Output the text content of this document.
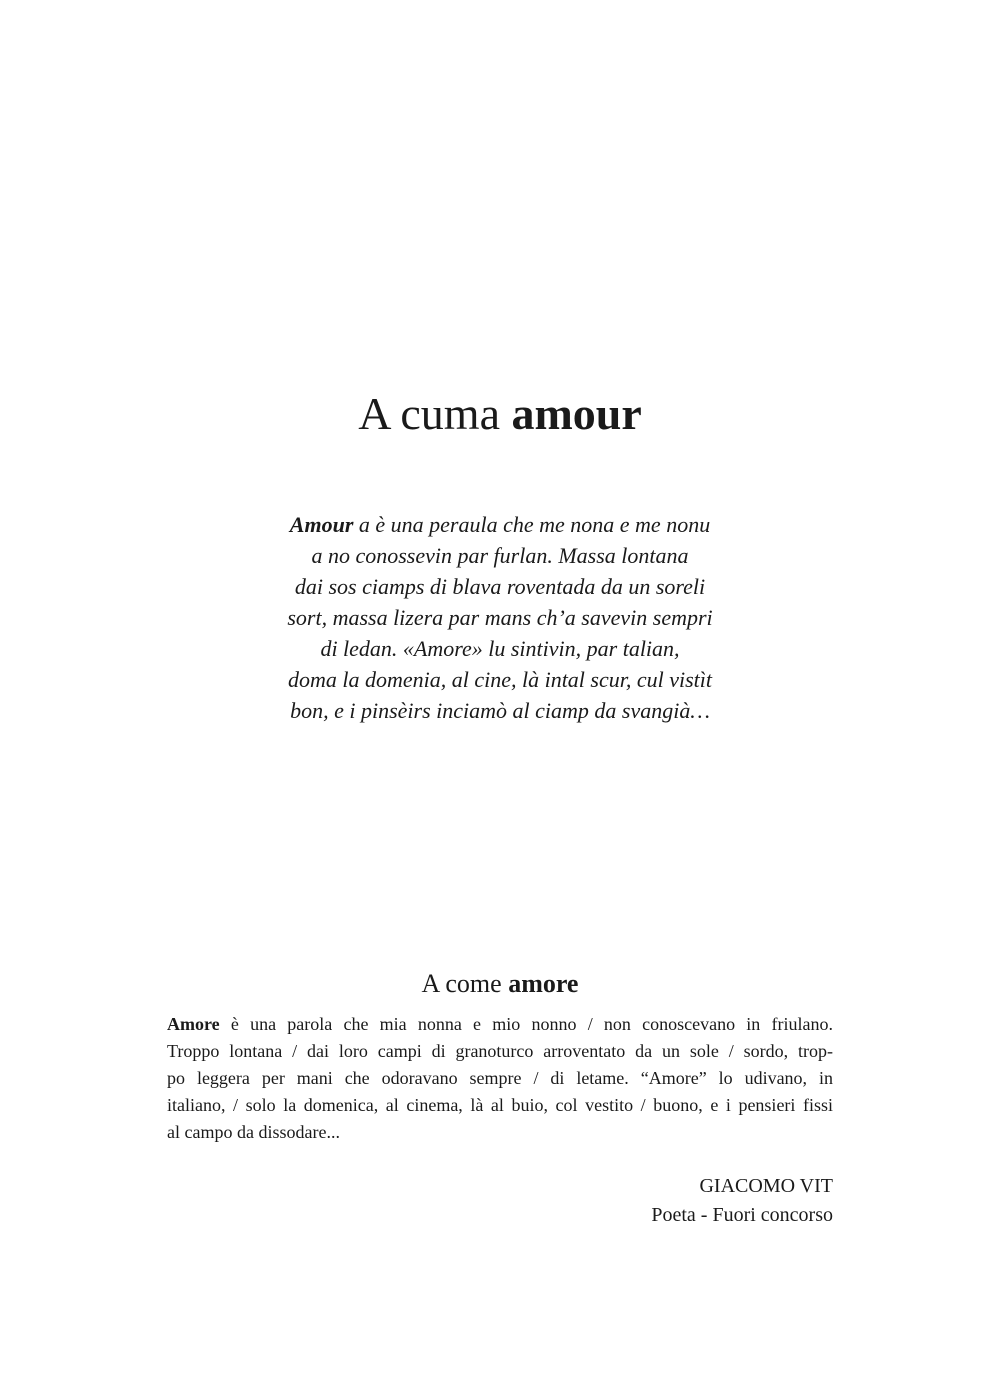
A cuma amour
Amour a è una peraula che me nona e me nonu
a no conossevin par furlan. Massa lontana
dai sos ciamps di blava roventada da un soreli
sort, massa lizera par mans ch’a savevin sempri
di ledan. «Amore» lu sintivin, par talian,
doma la domenia, al cine, là intal scur, cul vistìt
bon, e i pinsèirs inciamò al ciamp da svangià…
A come amore
Amore è una parola che mia nonna e mio nonno / non conoscevano in friulano.
Troppo lontana / dai loro campi di granoturco arroventato da un sole / sordo, trop-
po leggera per mani che odoravano sempre / di letame. “Amore” lo udivano, in
italiano, / solo la domenica, al cinema, là al buio, col vestito / buono, e i pensieri fissi
al campo da dissodare...
GIACOMO VIT
Poeta - Fuori concorso
